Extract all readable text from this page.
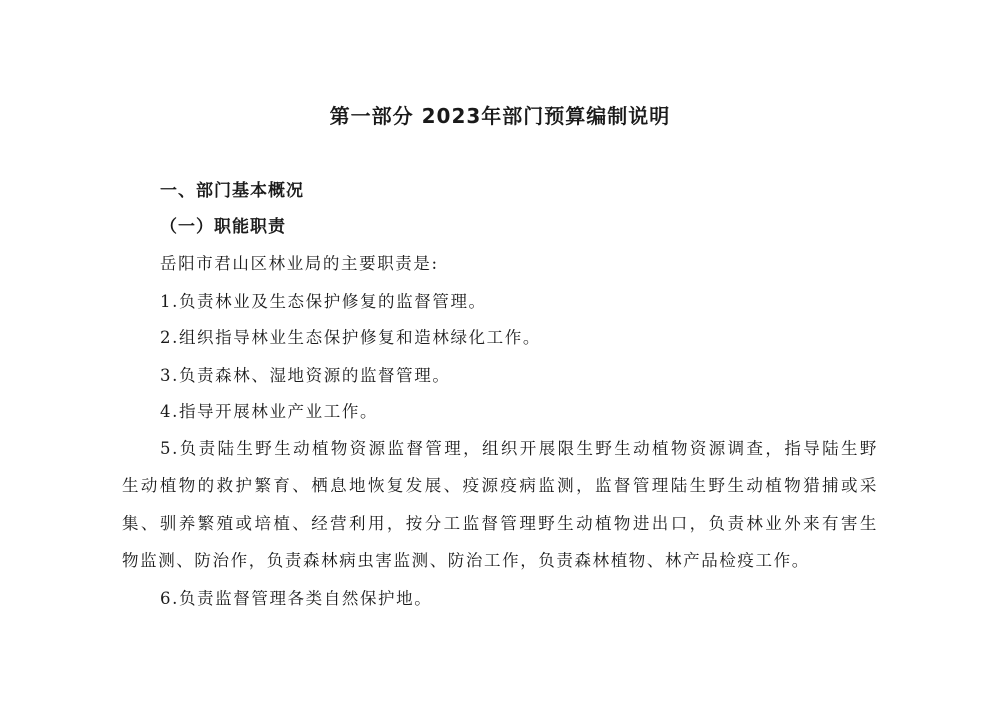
第一部分 2023年部门预算编制说明
一、部门基本概况
（一）职能职责
岳阳市君山区林业局的主要职责是:
1.负责林业及生态保护修复的监督管理。
2.组织指导林业生态保护修复和造林绿化工作。
3.负责森林、湿地资源的监督管理。
4.指导开展林业产业工作。
5.负责陆生野生动植物资源监督管理，组织开展限生野生动植物资源调查，指导陆生野
生动植物的救护繁育、栖息地恢复发展、疫源疫病监测，监督管理陆生野生动植物猎捕或采
集、驯养繁殖或培植、经营利用，按分工监督管理野生动植物进出口，负责林业外来有害生
物监测、防治作，负责森林病虫害监测、防治工作，负责森林植物、林产品检疫工作。
6.负责监督管理各类自然保护地。
